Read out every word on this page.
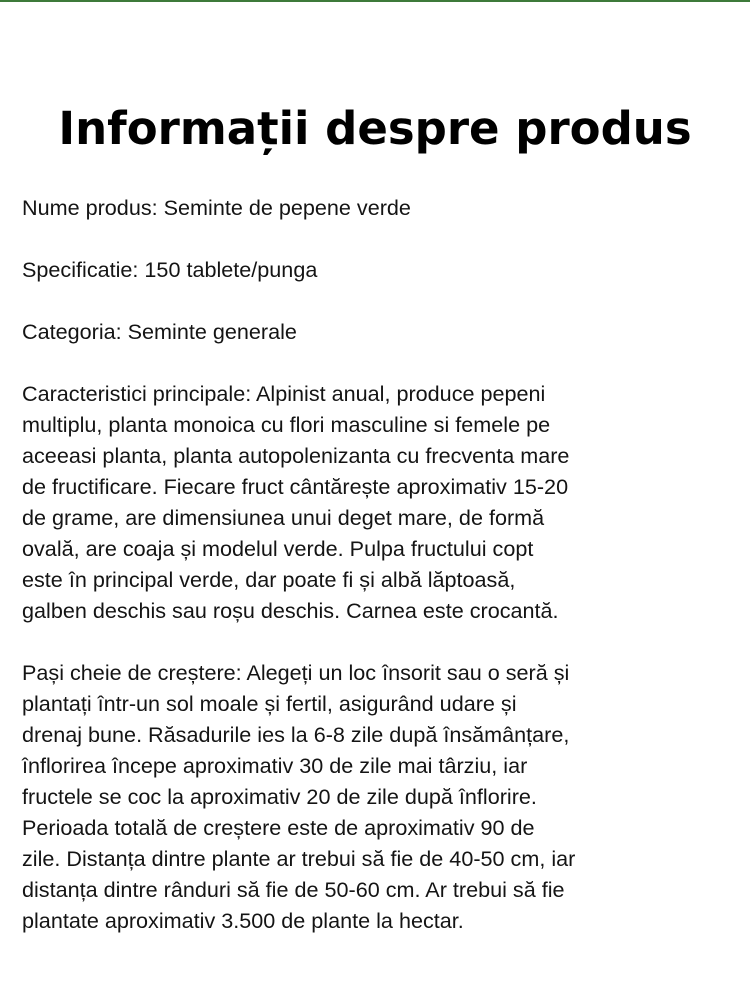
Informații despre produs

Nume produs: Seminte de pepene verde

Specificatie: 150 tablete/punga

Categoria: Seminte generale

Caracteristici principale: Alpinist anual, produce pepeni
multiplu, planta monoica cu flori masculine si femele pe
aceeasi planta, planta autopolenizanta cu frecventa mare
de fructificare. Fiecare fruct cântărește aproximativ 15-20
de grame, are dimensiunea unui deget mare, de formă
ovală, are coaja și modelul verde. Pulpa fructului copt
este în principal verde, dar poate fi și albă lăptoasă,
galben deschis sau roșu deschis. Carnea este crocantă.

Pași cheie de creștere: Alegeți un loc însorit sau o seră și
plantați într-un sol moale și fertil, asigurând udare și
drenaj bune. Răsadurile ies la 6-8 zile după însămânțare,
înflorirea începe aproximativ 30 de zile mai târziu, iar
fructele se coc la aproximativ 20 de zile după înflorire.
Perioada totală de creștere este de aproximativ 90 de
zile. Distanța dintre plante ar trebui să fie de 40-50 cm, iar
distanța dintre rânduri să fie de 50-60 cm. Ar trebui să fie
plantate aproximativ 3.500 de plante la hectar.
